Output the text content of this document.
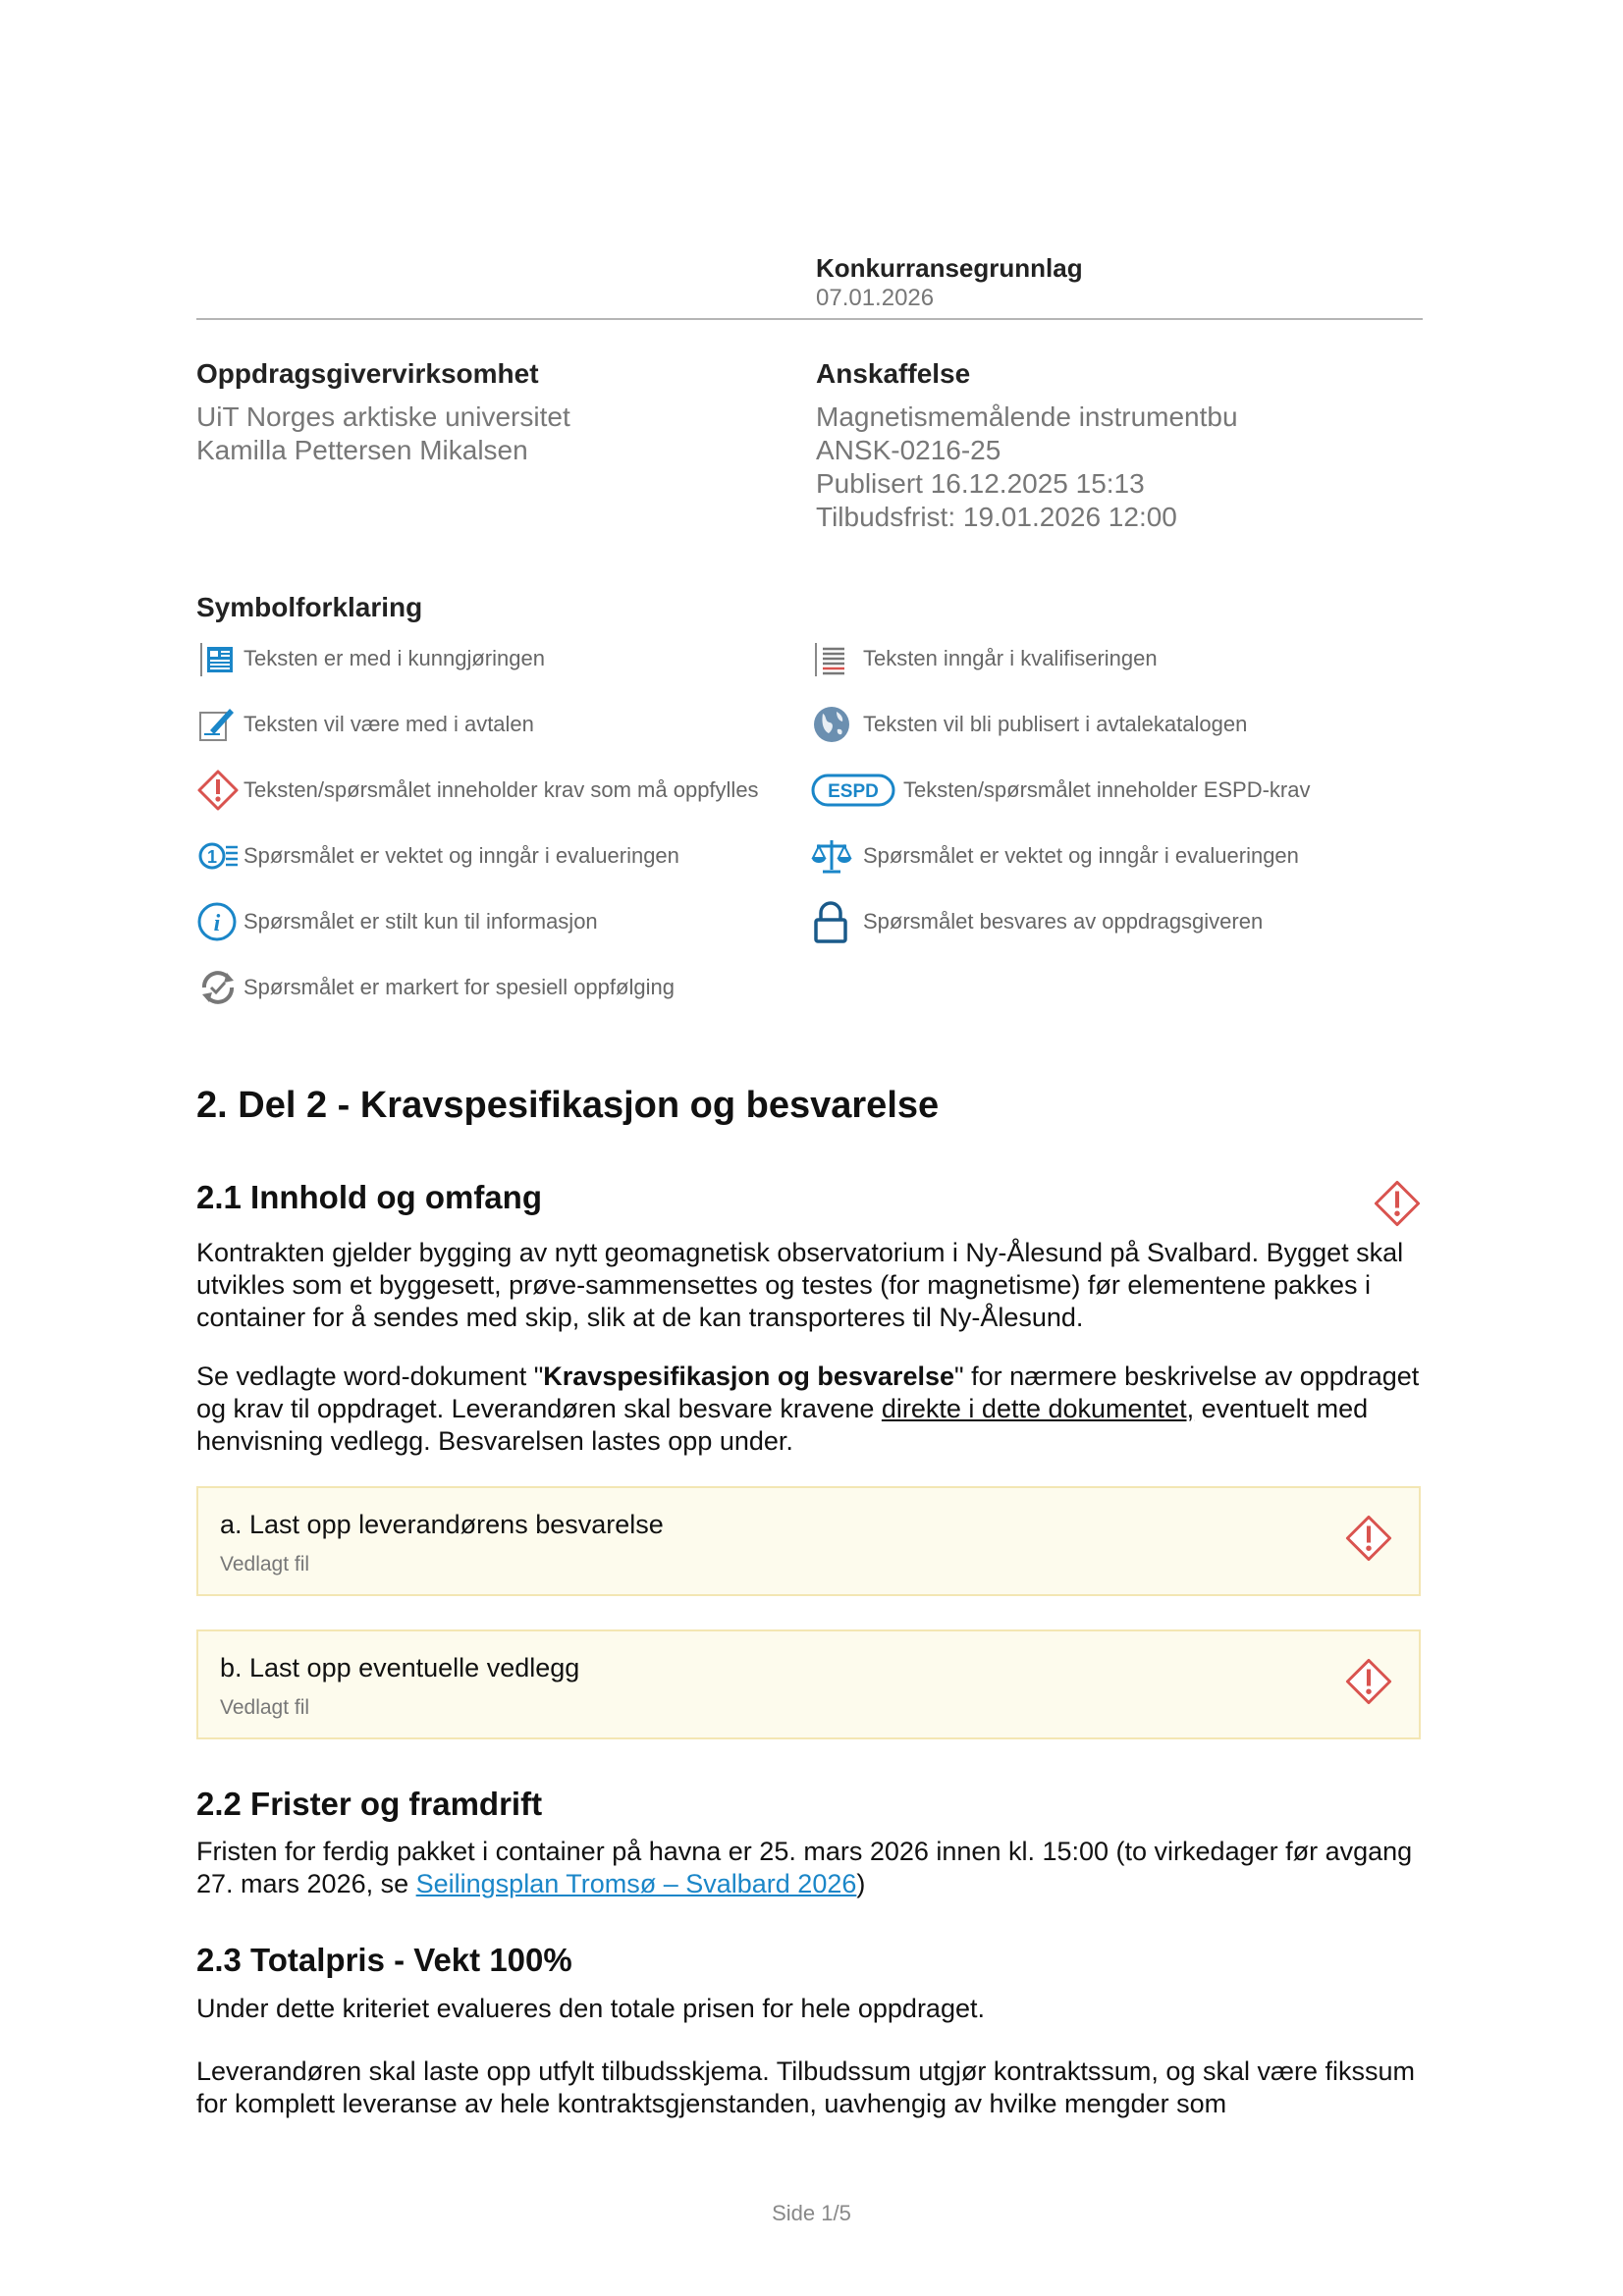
Konkurransegrunnlag
07.01.2026
Oppdragsgivervirksomhet
UiT Norges arktiske universitet
Kamilla Pettersen Mikalsen
Anskaffelse
Magnetismemålende instrumentbu
ANSK-0216-25
Publisert 16.12.2025 15:13
Tilbudsfrist: 19.01.2026 12:00
Symbolforklaring
Teksten er med i kunngjøringen
Teksten vil være med i avtalen
Teksten/spørsmålet inneholder krav som må oppfylles
1 Spørsmålet er vektet og inngår i evalueringen
i Spørsmålet er stilt kun til informasjon
Spørsmålet er markert for spesiell oppfølging
Teksten inngår i kvalifiseringen
Teksten vil bli publisert i avtalekatalogen
ESPD Teksten/spørsmålet inneholder ESPD-krav
Spørsmålet er vektet og inngår i evalueringen
Spørsmålet besvares av oppdragsgiveren
2. Del 2 - Kravspesifikasjon og besvarelse
2.1 Innhold og omfang
Kontrakten gjelder bygging av nytt geomagnetisk observatorium i Ny-Ålesund på Svalbard. Bygget skal utvikles som et byggesett, prøve-sammensettes og testes (for magnetisme) før elementene pakkes i container for å sendes med skip, slik at de kan transporteres til Ny-Ålesund.
Se vedlagte word-dokument "Kravspesifikasjon og besvarelse" for nærmere beskrivelse av oppdraget og krav til oppdraget. Leverandøren skal besvare kravene direkte i dette dokumentet, eventuelt med henvisning vedlegg. Besvarelsen lastes opp under.
a. Last opp leverandørens besvarelse
Vedlagt fil
b. Last opp eventuelle vedlegg
Vedlagt fil
2.2 Frister og framdrift
Fristen for ferdig pakket i container på havna er 25. mars 2026 innen kl. 15:00 (to virkedager før avgang 27. mars 2026, se Seilingsplan Tromsø – Svalbard 2026)
2.3 Totalpris - Vekt 100%
Under dette kriteriet evalueres den totale prisen for hele oppdraget.
Leverandøren skal laste opp utfylt tilbudsskjema. Tilbudssum utgjør kontraktssum, og skal være fikssum for komplett leveranse av hele kontraktsgjenstanden, uavhengig av hvilke mengder som
Side 1/5
